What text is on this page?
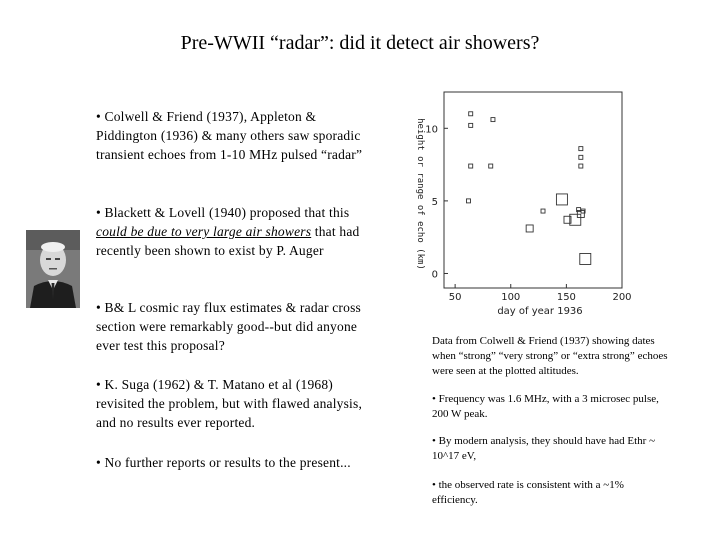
Pre-WWII “radar”: did it detect air showers?
• Colwell & Friend (1937), Appleton & Piddington (1936) & many others saw sporadic transient echoes from 1-10 MHz pulsed “radar”
• Blackett & Lovell (1940) proposed that this could be due to very large air showers that had recently been shown to exist by P. Auger
• B& L cosmic ray flux estimates & radar cross section were remarkably good--but did anyone ever test this proposal?
• K. Suga (1962) & T. Matano et al (1968) revisited the problem, but with flawed analysis, and no results ever reported.
• No further reports or results to the present...
50	100	150	200
0
5
10
height or range of echo (km)
day of year 1936
Data from Colwell & Friend (1937) showing dates when “strong” “very strong” or “extra strong” echoes were seen at the plotted altitudes.
• Frequency was 1.6 MHz, with a 3 microsec pulse, 200 W peak.
• By modern analysis, they should have had Ethr ~ 10^17 eV,
• the observed rate is consistent with a ~1% efficiency.
